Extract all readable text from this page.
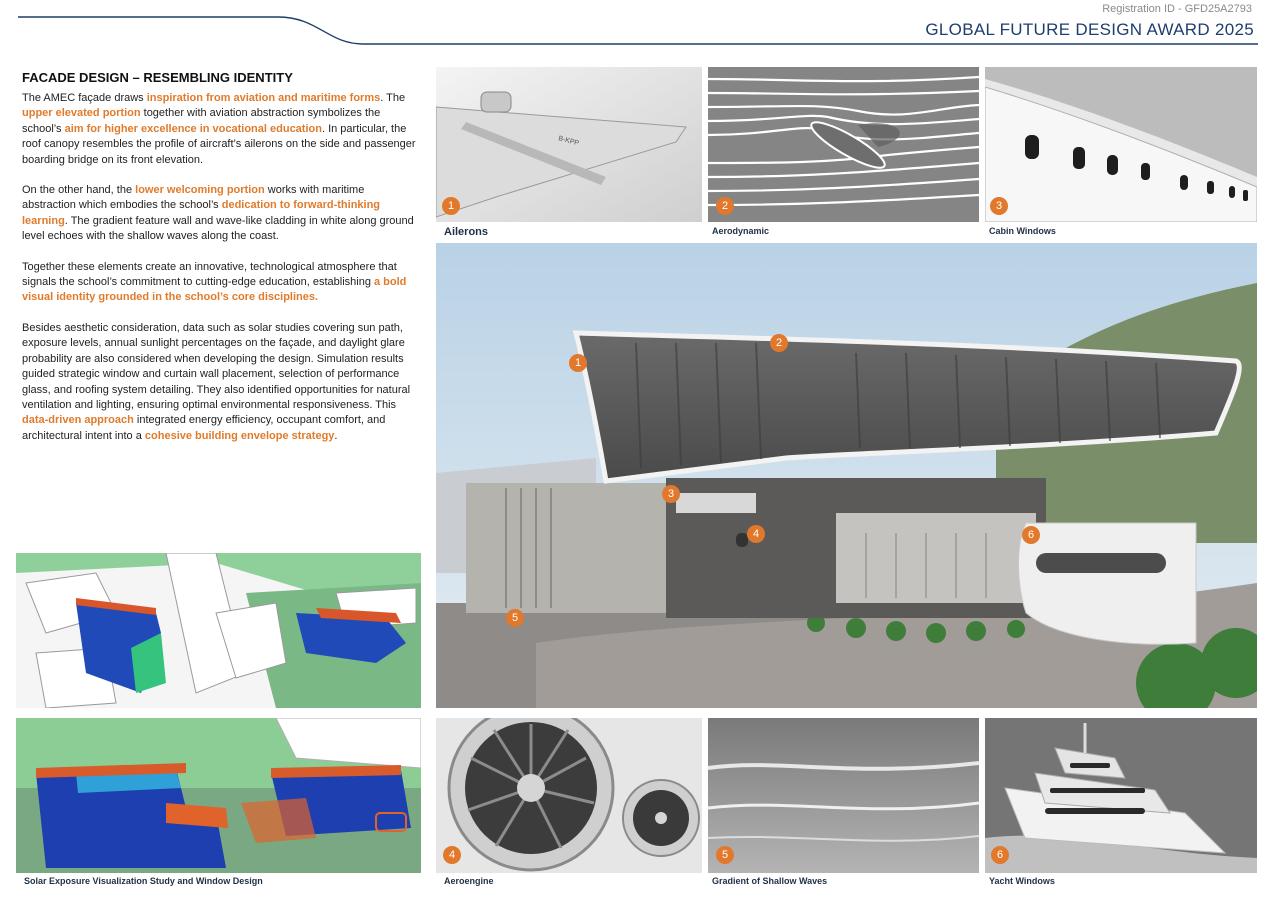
Registration ID - GFD25A2793
GLOBAL FUTURE DESIGN AWARD 2025
FACADE DESIGN – RESEMBLING IDENTITY

The AMEC façade draws inspiration from aviation and maritime forms. The upper elevated portion together with aviation abstraction symbolizes the school’s aim for higher excellence in vocational education. In particular, the roof canopy resembles the profile of aircraft’s ailerons on the side and passenger boarding bridge on its front elevation.

On the other hand, the lower welcoming portion works with maritime abstraction which embodies the school’s dedication to forward-thinking learning. The gradient feature wall and wave-like cladding in white along ground level echoes with the shallow waves along the coast.

Together these elements create an innovative, technological atmosphere that signals the school’s commitment to cutting-edge education, establishing a bold visual identity grounded in the school’s core disciplines.

Besides aesthetic consideration, data such as solar studies covering sun path, exposure levels, annual sunlight percentages on the façade, and daylight glare probability are also considered when developing the design. Simulation results guided strategic window and curtain wall placement, selection of performance glass, and roofing system detailing. They also identified opportunities for natural ventilation and lighting, ensuring optimal environmental responsiveness. This data-driven approach integrated energy efficiency, occupant comfort, and architectural intent into a cohesive building envelope strategy.

B-KPP
1
Ailerons
2
Aerodynamic
3
Cabin Windows
1
2
3
4
5
6
Solar Exposure Visualization Study and Window Design
4
Aeroengine
5
Gradient of Shallow Waves
6
Yacht Windows
